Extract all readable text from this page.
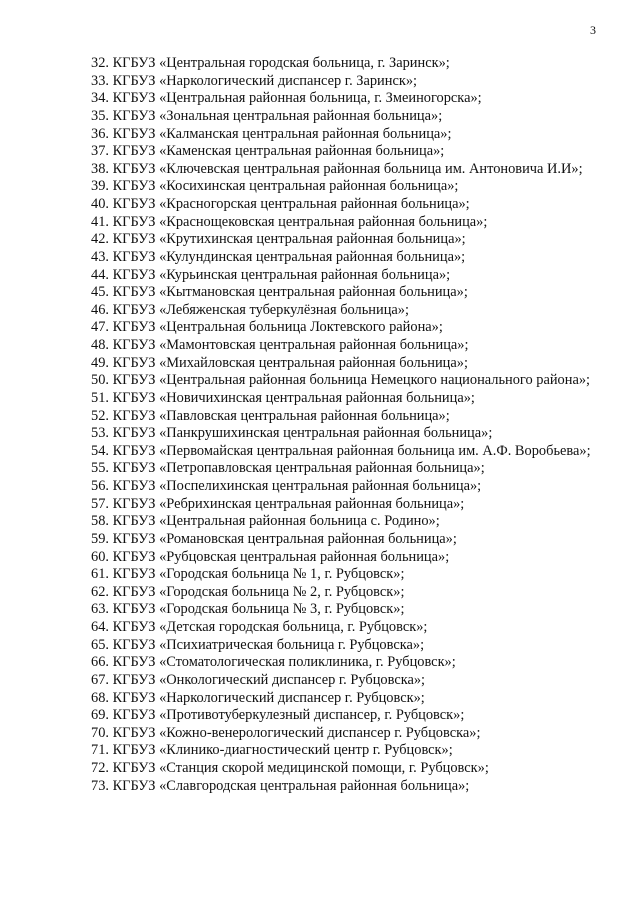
3
32. КГБУЗ «Центральная городская больница, г. Заринск»;
33. КГБУЗ «Наркологический диспансер г. Заринск»;
34. КГБУЗ «Центральная районная больница, г. Змеиногорска»;
35. КГБУЗ «Зональная центральная районная больница»;
36. КГБУЗ «Калманская центральная районная больница»;
37. КГБУЗ «Каменская центральная районная больница»;
38. КГБУЗ «Ключевская центральная районная больница им. Антоновича И.И»;
39. КГБУЗ «Косихинская центральная районная больница»;
40. КГБУЗ «Красногорская центральная районная больница»;
41. КГБУЗ «Краснощековская центральная районная больница»;
42. КГБУЗ «Крутихинская центральная районная больница»;
43. КГБУЗ «Кулундинская центральная районная больница»;
44. КГБУЗ «Курьинская центральная районная больница»;
45. КГБУЗ «Кытмановская центральная районная больница»;
46. КГБУЗ «Лебяженская туберкулёзная больница»;
47. КГБУЗ «Центральная больница Локтевского района»;
48. КГБУЗ «Мамонтовская центральная районная больница»;
49. КГБУЗ «Михайловская центральная районная больница»;
50. КГБУЗ «Центральная районная больница Немецкого национального района»;
51. КГБУЗ «Новичихинская центральная районная больница»;
52. КГБУЗ «Павловская центральная районная больница»;
53. КГБУЗ «Панкрушихинская центральная районная больница»;
54. КГБУЗ «Первомайская центральная районная больница им. А.Ф. Воробьева»;
55. КГБУЗ «Петропавловская центральная районная больница»;
56. КГБУЗ «Поспелихинская центральная районная больница»;
57. КГБУЗ «Ребрихинская центральная районная больница»;
58. КГБУЗ «Центральная районная больница с. Родино»;
59. КГБУЗ «Романовская центральная районная больница»;
60. КГБУЗ «Рубцовская центральная районная больница»;
61. КГБУЗ «Городская больница № 1, г. Рубцовск»;
62. КГБУЗ «Городская больница № 2, г. Рубцовск»;
63. КГБУЗ «Городская больница № 3, г. Рубцовск»;
64. КГБУЗ «Детская городская больница, г. Рубцовск»;
65. КГБУЗ «Психиатрическая больница г. Рубцовска»;
66. КГБУЗ «Стоматологическая поликлиника, г. Рубцовск»;
67. КГБУЗ «Онкологический диспансер г. Рубцовска»;
68. КГБУЗ «Наркологический диспансер г. Рубцовск»;
69. КГБУЗ «Противотуберкулезный диспансер, г. Рубцовск»;
70. КГБУЗ «Кожно-венерологический диспансер г. Рубцовска»;
71. КГБУЗ «Клинико-диагностический центр г. Рубцовск»;
72. КГБУЗ «Станция скорой медицинской помощи, г. Рубцовск»;
73. КГБУЗ «Славгородская центральная районная больница»;
